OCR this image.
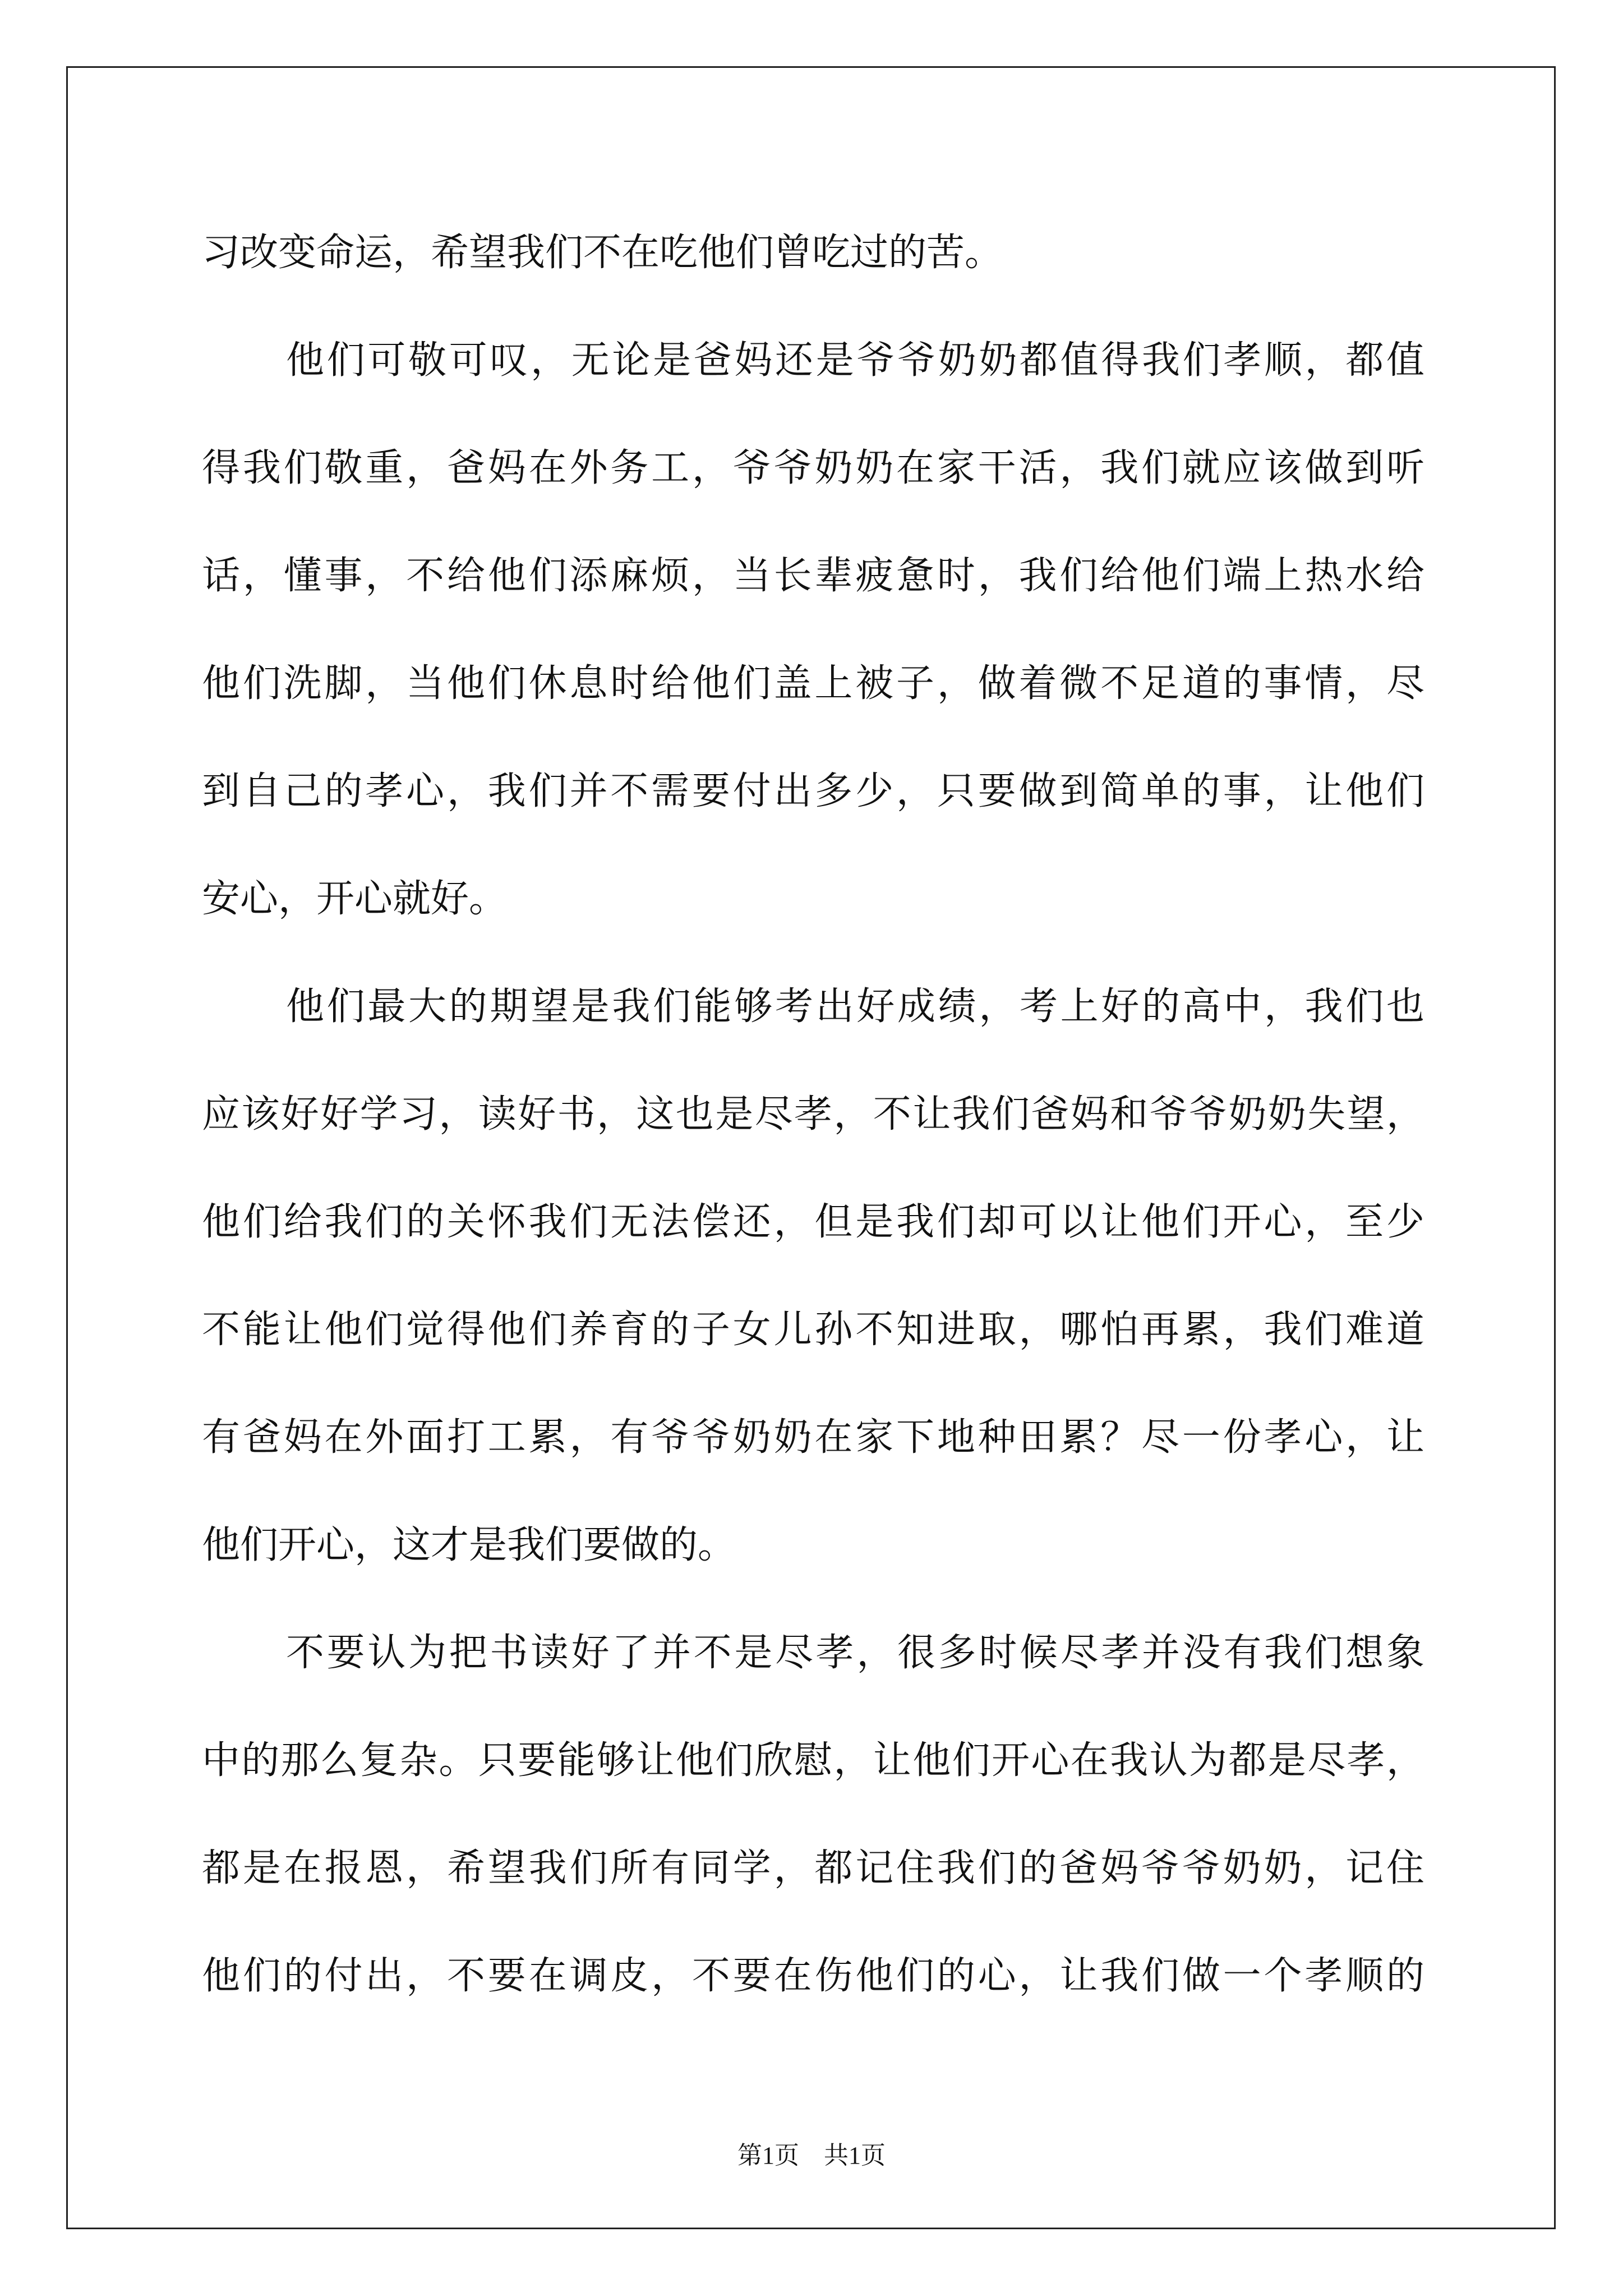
习改变命运，希望我们不在吃他们曾吃过的苦。
他们可敬可叹，无论是爸妈还是爷爷奶奶都值得我们孝顺，都值
得我们敬重，爸妈在外务工，爷爷奶奶在家干活，我们就应该做到听
话，懂事，不给他们添麻烦，当长辈疲惫时，我们给他们端上热水给
他们洗脚，当他们休息时给他们盖上被子，做着微不足道的事情，尽
到自己的孝心，我们并不需要付出多少，只要做到简单的事，让他们
安心，开心就好。
他们最大的期望是我们能够考出好成绩，考上好的高中，我们也
应该好好学习，读好书，这也是尽孝，不让我们爸妈和爷爷奶奶失望，
他们给我们的关怀我们无法偿还，但是我们却可以让他们开心，至少
不能让他们觉得他们养育的子女儿孙不知进取，哪怕再累，我们难道
有爸妈在外面打工累，有爷爷奶奶在家下地种田累？尽一份孝心，让
他们开心，这才是我们要做的。
不要认为把书读好了并不是尽孝，很多时候尽孝并没有我们想象
中的那么复杂。只要能够让他们欣慰，让他们开心在我认为都是尽孝，
都是在报恩，希望我们所有同学，都记住我们的爸妈爷爷奶奶，记住
他们的付出，不要在调皮，不要在伤他们的心，让我们做一个孝顺的
第1页　共1页
